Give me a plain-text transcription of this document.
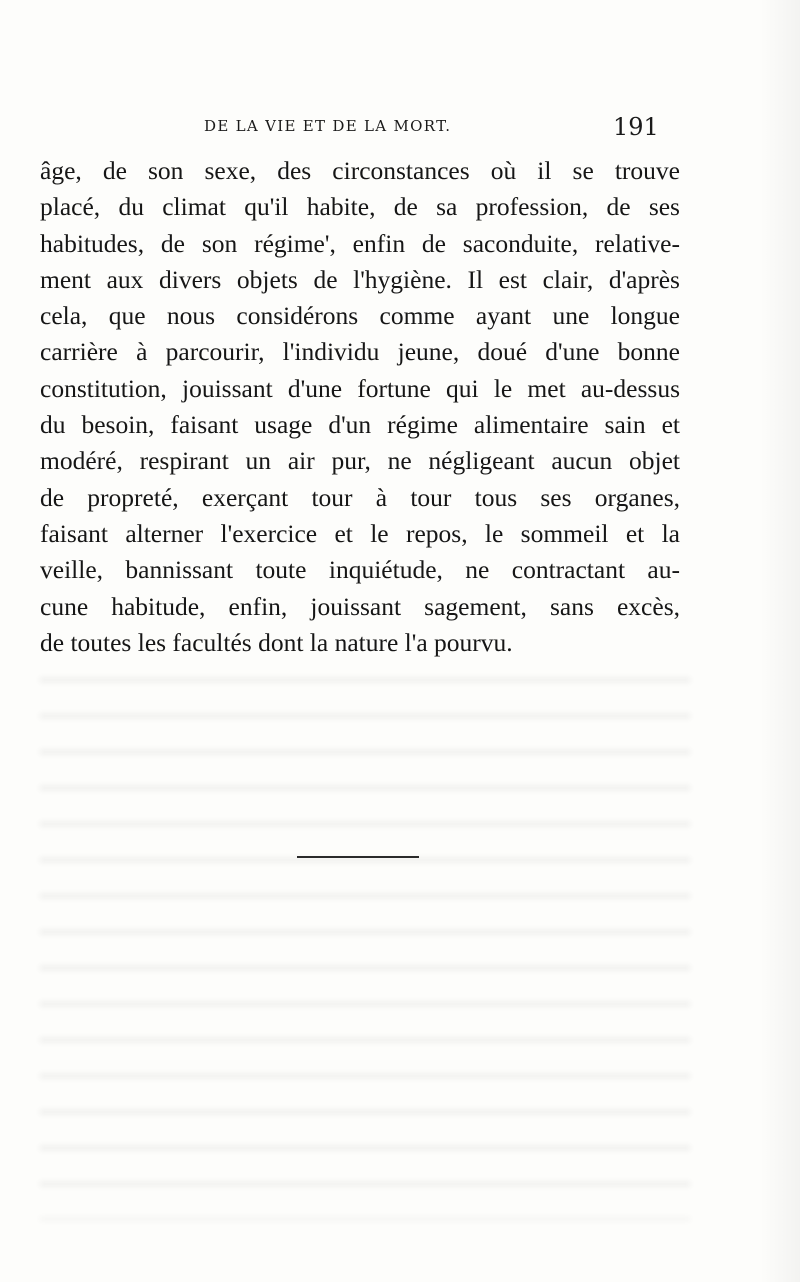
DE LA VIE ET DE LA MORT.	191
âge, de son sexe, des circonstances où il se trouve
placé, du climat qu'il habite, de sa profession, de ses
habitudes, de son régime', enfin de saconduite, relative-
ment aux divers objets de l'hygiène. Il est clair, d'après
cela, que nous considérons comme ayant une longue
carrière à parcourir, l'individu jeune, doué d'une bonne
constitution, jouissant d'une fortune qui le met au-dessus
du besoin, faisant usage d'un régime alimentaire sain et
modéré, respirant un air pur, ne négligeant aucun objet
de propreté, exerçant tour à tour tous ses organes,
faisant alterner l'exercice et le repos, le sommeil et la
veille, bannissant toute inquiétude, ne contractant au-
cune habitude, enfin, jouissant sagement, sans excès,
de toutes les facultés dont la nature l'a pourvu.
